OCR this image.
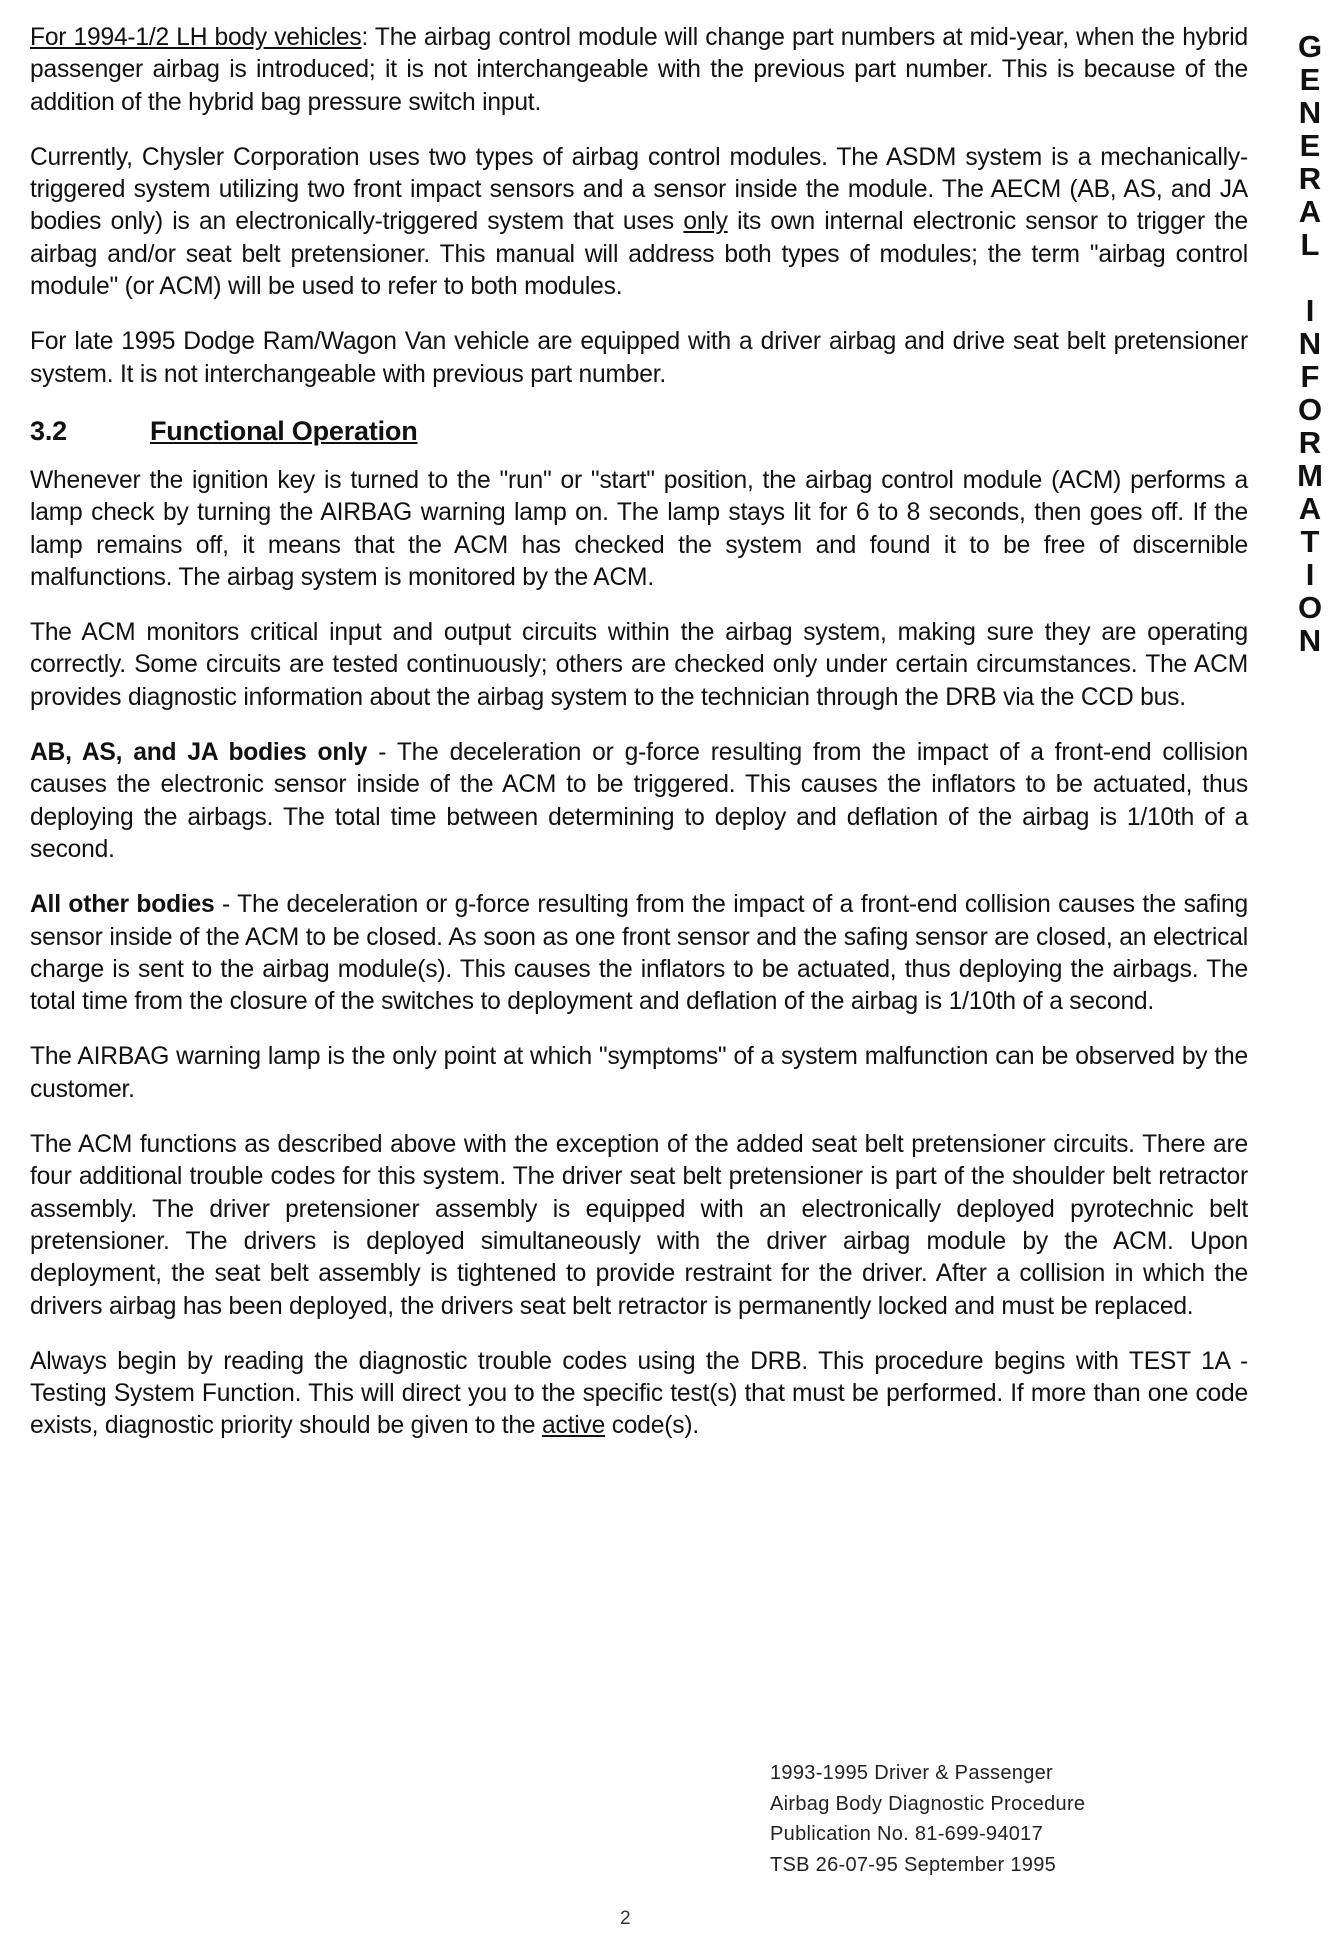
For 1994-1/2 LH body vehicles: The airbag control module will change part numbers at mid-year, when the hybrid passenger airbag is introduced; it is not interchangeable with the previous part number. This is because of the addition of the hybrid bag pressure switch input.

Currently, Chysler Corporation uses two types of airbag control modules. The ASDM system is a mechanically-triggered system utilizing two front impact sensors and a sensor inside the module. The AECM (AB, AS, and JA bodies only) is an electronically-triggered system that uses only its own internal electronic sensor to trigger the airbag and/or seat belt pretensioner. This manual will address both types of modules; the term "airbag control module" (or ACM) will be used to refer to both modules.

For late 1995 Dodge Ram/Wagon Van vehicle are equipped with a driver airbag and drive seat belt pretensioner system. It is not interchangeable with previous part number.

3.2	Functional Operation

Whenever the ignition key is turned to the "run" or "start" position, the airbag control module (ACM) performs a lamp check by turning the AIRBAG warning lamp on. The lamp stays lit for 6 to 8 seconds, then goes off. If the lamp remains off, it means that the ACM has checked the system and found it to be free of discernible malfunctions. The airbag system is monitored by the ACM.

The ACM monitors critical input and output circuits within the airbag system, making sure they are operating correctly. Some circuits are tested continuously; others are checked only under certain circumstances. The ACM provides diagnostic information about the airbag system to the technician through the DRB via the CCD bus.

AB, AS, and JA bodies only - The deceleration or g-force resulting from the impact of a front-end collision causes the electronic sensor inside of the ACM to be triggered. This causes the inflators to be actuated, thus deploying the airbags. The total time between determining to deploy and deflation of the airbag is 1/10th of a second.

All other bodies - The deceleration or g-force resulting from the impact of a front-end collision causes the safing sensor inside of the ACM to be closed. As soon as one front sensor and the safing sensor are closed, an electrical charge is sent to the airbag module(s). This causes the inflators to be actuated, thus deploying the airbags. The total time from the closure of the switches to deployment and deflation of the airbag is 1/10th of a second.

The AIRBAG warning lamp is the only point at which "symptoms" of a system malfunction can be observed by the customer.

The ACM functions as described above with the exception of the added seat belt pretensioner circuits. There are four additional trouble codes for this system. The driver seat belt pretensioner is part of the shoulder belt retractor assembly. The driver pretensioner assembly is equipped with an electronically deployed pyrotechnic belt pretensioner. The drivers is deployed simultaneously with the driver airbag module by the ACM. Upon deployment, the seat belt assembly is tightened to provide restraint for the driver. After a collision in which the drivers airbag has been deployed, the drivers seat belt retractor is permanently locked and must be replaced.

Always begin by reading the diagnostic trouble codes using the DRB. This procedure begins with TEST 1A - Testing System Function. This will direct you to the specific test(s) that must be performed. If more than one code exists, diagnostic priority should be given to the active code(s).

G
E
N
E
R
A
L
I
N
F
O
R
M
A
T
I
O
N
1993-1995 Driver & Passenger
Airbag Body Diagnostic Procedure
Publication No. 81-699-94017
TSB 26-07-95 September 1995
2
